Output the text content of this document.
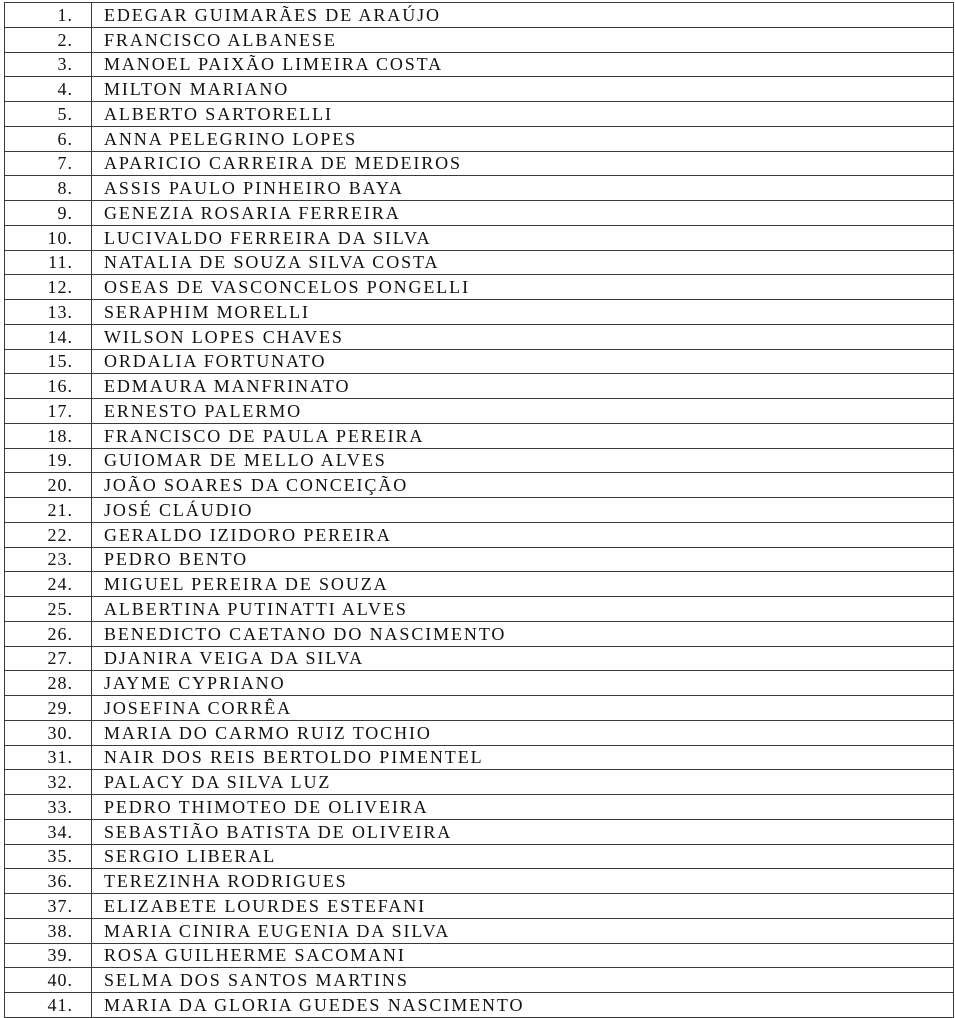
1.	EDEGAR GUIMARÃES DE ARAÚJO
2.	FRANCISCO ALBANESE
3.	MANOEL PAIXÃO LIMEIRA COSTA
4.	MILTON MARIANO
5.	ALBERTO SARTORELLI
6.	ANNA PELEGRINO LOPES
7.	APARICIO CARREIRA DE MEDEIROS
8.	ASSIS PAULO PINHEIRO BAYA
9.	GENEZIA ROSARIA FERREIRA
10.	LUCIVALDO FERREIRA DA SILVA
11.	NATALIA DE SOUZA SILVA COSTA
12.	OSEAS DE VASCONCELOS PONGELLI
13.	SERAPHIM MORELLI
14.	WILSON LOPES CHAVES
15.	ORDALIA FORTUNATO
16.	EDMAURA MANFRINATO
17.	ERNESTO PALERMO
18.	FRANCISCO DE PAULA PEREIRA
19.	GUIOMAR DE MELLO ALVES
20.	JOÃO SOARES DA CONCEIÇÃO
21.	JOSÉ CLÁUDIO
22.	GERALDO IZIDORO PEREIRA
23.	PEDRO BENTO
24.	MIGUEL PEREIRA DE SOUZA
25.	ALBERTINA PUTINATTI ALVES
26.	BENEDICTO CAETANO DO NASCIMENTO
27.	DJANIRA VEIGA DA SILVA
28.	JAYME CYPRIANO
29.	JOSEFINA CORRÊA
30.	MARIA DO CARMO RUIZ TOCHIO
31.	NAIR DOS REIS BERTOLDO PIMENTEL
32.	PALACY DA SILVA LUZ
33.	PEDRO THIMOTEO DE OLIVEIRA
34.	SEBASTIÃO BATISTA DE OLIVEIRA
35.	SERGIO LIBERAL
36.	TEREZINHA RODRIGUES
37.	ELIZABETE LOURDES ESTEFANI
38.	MARIA CINIRA EUGENIA DA SILVA
39.	ROSA GUILHERME SACOMANI
40.	SELMA DOS SANTOS MARTINS
41.	MARIA DA GLORIA GUEDES NASCIMENTO
